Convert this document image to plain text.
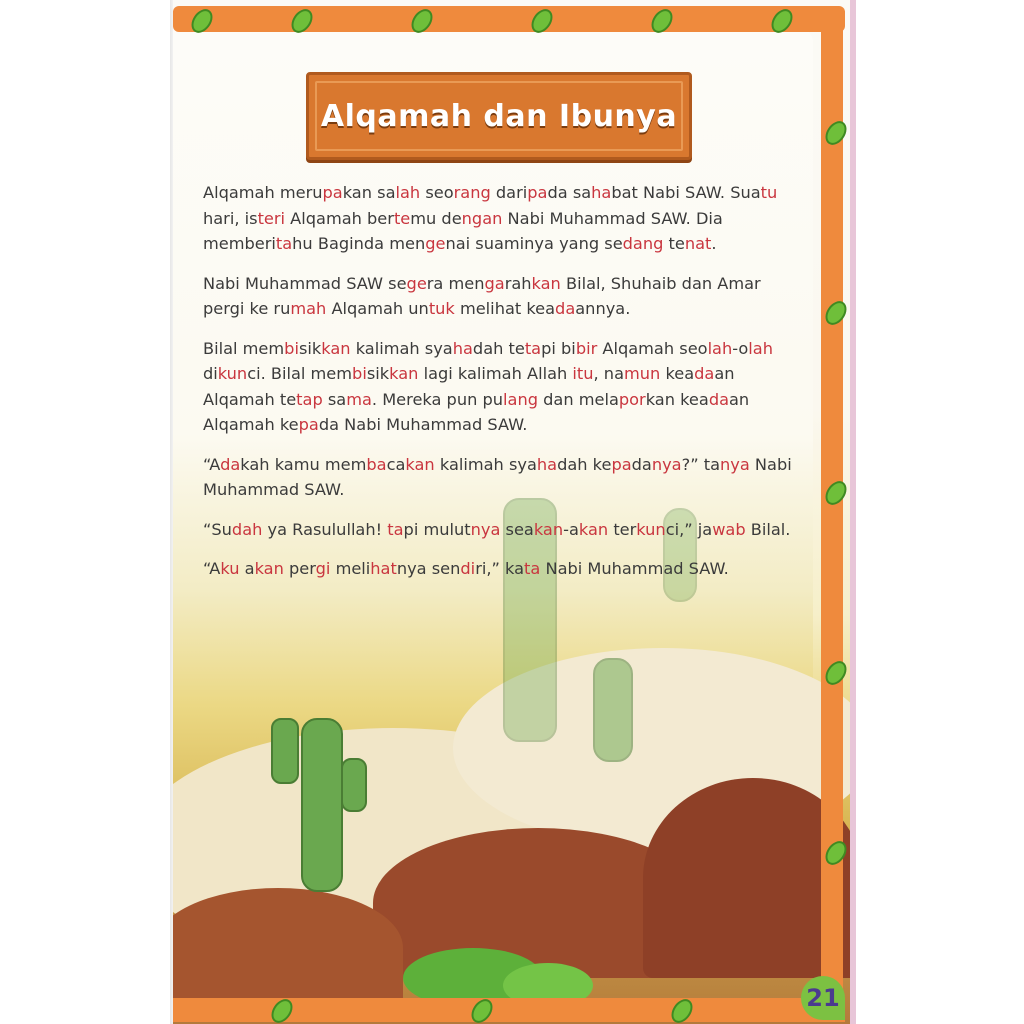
Alqamah dan Ibunya

Alqamah merupakan salah seorang daripada sahabat Nabi SAW. Suatu hari, isteri Alqamah bertemu dengan Nabi Muhammad SAW. Dia memberitahu Baginda mengenai suaminya yang sedang tenat.

Nabi Muhammad SAW segera mengarahkan Bilal, Shuhaib dan Amar pergi ke rumah Alqamah untuk melihat keadaannya.

Bilal membisikkan kalimah syahadah tetapi bibir Alqamah seolah-olah dikunci. Bilal membisikkan lagi kalimah Allah itu, namun keadaan Alqamah tetap sama. Mereka pun pulang dan melaporkan keadaan Alqamah kepada Nabi Muhammad SAW.

“Adakah kamu membacakan kalimah syahadah kepadanya?” tanya Nabi Muhammad SAW.

“Sudah ya Rasulullah! tapi mulutnya seakan-akan terkunci,” jawab Bilal.

“Aku akan pergi melihatnya sendiri,” kata Nabi Muhammad SAW.

21
